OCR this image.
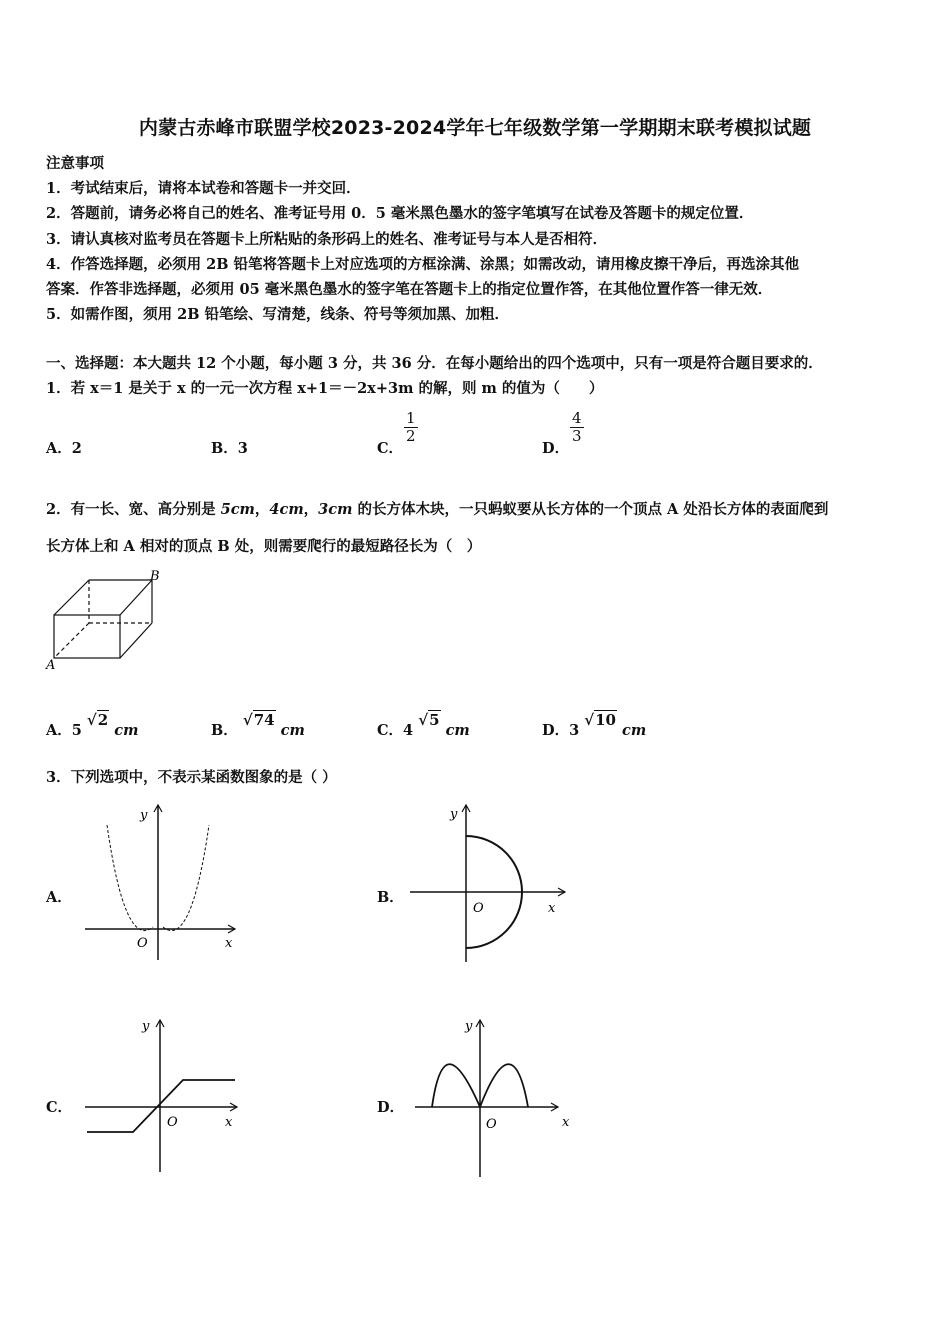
内蒙古赤峰市联盟学校2023-2024学年七年级数学第一学期期末联考模拟试题
注意事项
1．考试结束后，请将本试卷和答题卡一并交回．
2．答题前，请务必将自己的姓名、准考证号用 0．5 毫米黑色墨水的签字笔填写在试卷及答题卡的规定位置．
3．请认真核对监考员在答题卡上所粘贴的条形码上的姓名、准考证号与本人是否相符．
4．作答选择题，必须用 2B 铅笔将答题卡上对应选项的方框涂满、涂黑；如需改动，请用橡皮擦干净后，再选涂其他
答案．作答非选择题，必须用 05 毫米黑色墨水的签字笔在答题卡上的指定位置作答，在其他位置作答一律无效．
5．如需作图，须用 2B 铅笔绘、写清楚，线条、符号等须加黑、加粗．
一、选择题：本大题共 12 个小题，每小题 3 分，共 36 分．在每小题给出的四个选项中，只有一项是符合题目要求的．
1．若 x＝1 是关于 x 的一元一次方程 x+1＝－2x+3m 的解，则 m 的值为（　　）
A．2	B．3	C．
$\frac{1}{2}$
D．
$\frac{4}{3}$
2．有一长、宽、高分别是 5cm，4cm，3cm 的长方体木块，一只蚂蚁要从长方体的一个顶点 A 处沿长方体的表面爬到
长方体上和 A 相对的顶点 B 处，则需要爬行的最短路径长为（　）
A
B
A．5 √2 cm	B． √74 cm	C．4 √5 cm	D．3 √10 cm
3．下列选项中，不表示某函数图象的是（ ）
A．
y
x
O
B．
y
x
O
C．
y
x
O
D．
y
x
O
